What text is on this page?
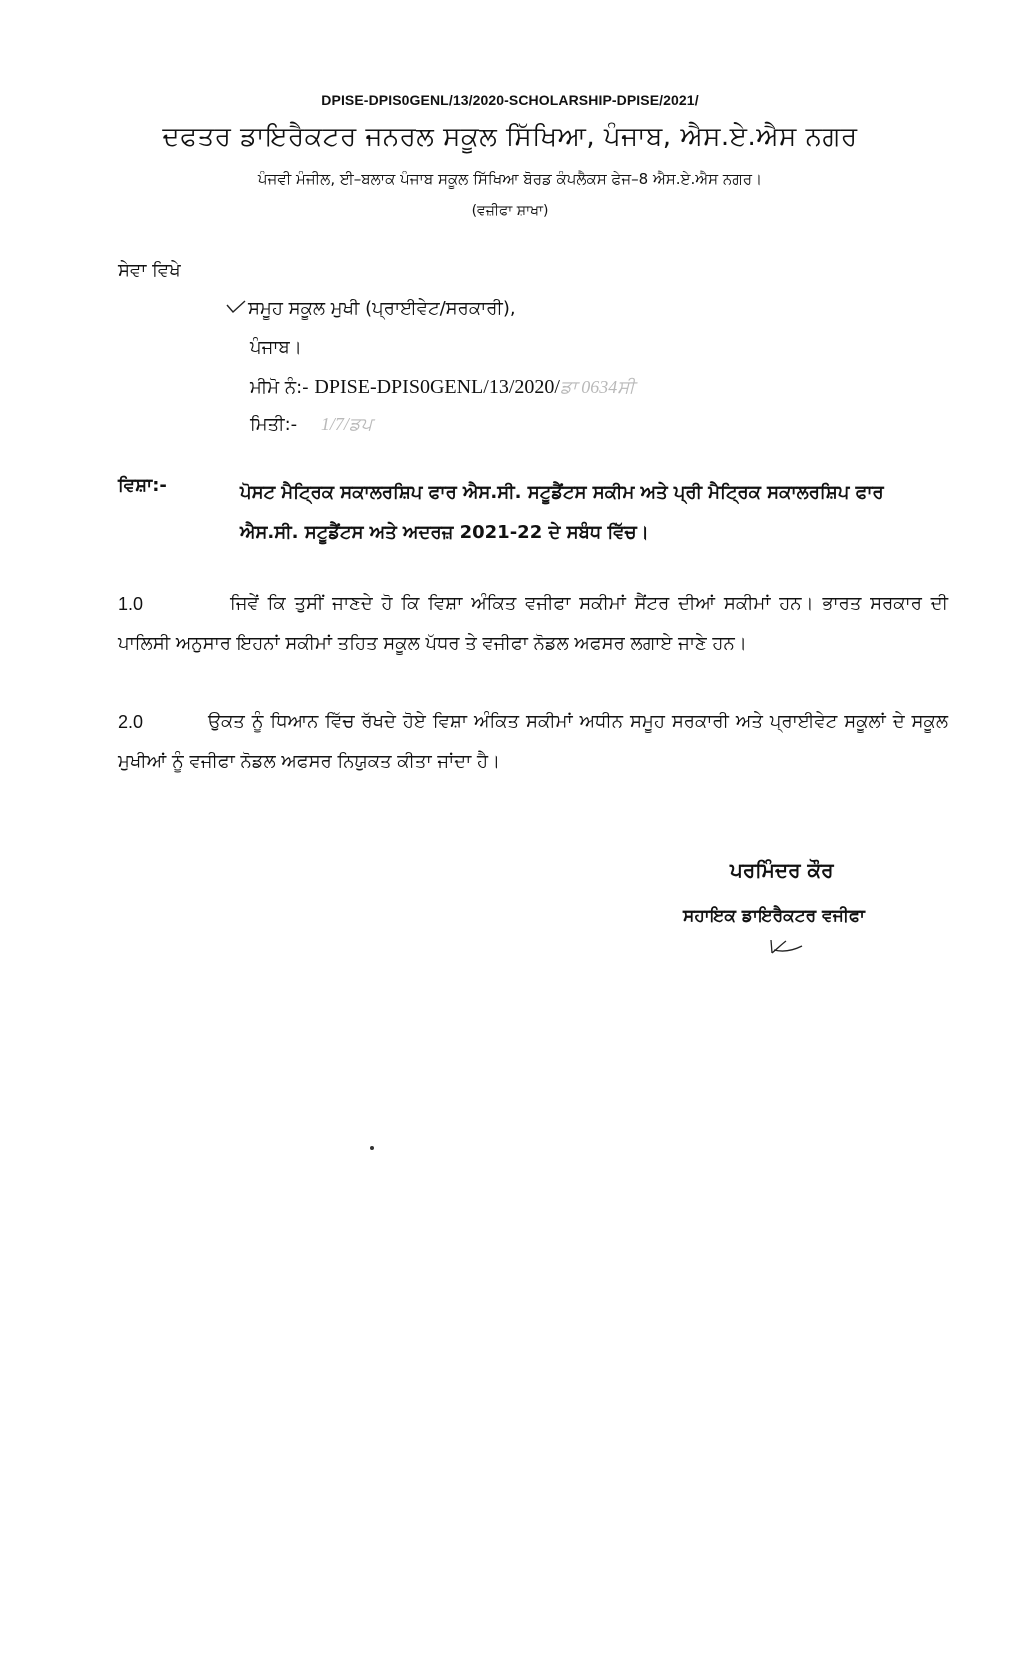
DPISE-DPIS0GENL/13/2020-SCHOLARSHIP-DPISE/2021/
ਦਫਤਰ ਡਾਇਰੈਕਟਰ ਜਨਰਲ ਸਕੂਲ ਸਿੱਖਿਆ, ਪੰਜਾਬ, ਐਸ.ਏ.ਐਸ ਨਗਰ
ਪੰਜਵੀ ਮੰਜੀਲ, ਈ–ਬਲਾਕ ਪੰਜਾਬ ਸਕੂਲ ਸਿੱਖਿਆ ਬੋਰਡ ਕੰਪਲੈਕਸ ਫੇਜ–8 ਐਸ.ਏ.ਐਸ ਨਗਰ।
(ਵਜ਼ੀਫਾ ਸ਼ਾਖਾ)
ਸੇਵਾ ਵਿਖੇ
ਸਮੂਹ ਸਕੂਲ ਮੁਖੀ (ਪ੍ਰਾਈਵੇਟ/ਸਰਕਾਰੀ),
ਪੰਜਾਬ।
ਮੀਮੋ ਨੰ:- DPISE-DPIS0GENL/13/2020/ਡਾ 0634ਸੀ
ਮਿਤੀ:- 1/7/ਡਪ
ਵਿਸ਼ਾ:-	ਪੋਸਟ ਮੈਟ੍ਰਿਕ ਸਕਾਲਰਸ਼ਿਪ ਫਾਰ ਐਸ.ਸੀ. ਸਟੂਡੈਂਟਸ ਸਕੀਮ ਅਤੇ ਪ੍ਰੀ ਮੈਟ੍ਰਿਕ ਸਕਾਲਰਸ਼ਿਪ ਫਾਰ ਐਸ.ਸੀ. ਸਟੂਡੈਂਟਸ ਅਤੇ ਅਦਰਜ਼ 2021-22 ਦੇ ਸਬੰਧ ਵਿੱਚ।
1.0	ਜਿਵੇਂ ਕਿ ਤੁਸੀਂ ਜਾਣਦੇ ਹੋ ਕਿ ਵਿਸ਼ਾ ਅੰਕਿਤ ਵਜੀਫਾ ਸਕੀਮਾਂ ਸੈਂਟਰ ਦੀਆਂ ਸਕੀਮਾਂ ਹਨ। ਭਾਰਤ ਸਰਕਾਰ ਦੀ ਪਾਲਿਸੀ ਅਨੁਸਾਰ ਇਹਨਾਂ ਸਕੀਮਾਂ ਤਹਿਤ ਸਕੂਲ ਪੱਧਰ ਤੇ ਵਜੀਫਾ ਨੋਡਲ ਅਫਸਰ ਲਗਾਏ ਜਾਣੇ ਹਨ।
2.0	ਉਕਤ ਨੂੰ ਧਿਆਨ ਵਿੱਚ ਰੱਖਦੇ ਹੋਏ ਵਿਸ਼ਾ ਅੰਕਿਤ ਸਕੀਮਾਂ ਅਧੀਨ ਸਮੂਹ ਸਰਕਾਰੀ ਅਤੇ ਪ੍ਰਾਈਵੇਟ ਸਕੂਲਾਂ ਦੇ ਸਕੂਲ ਮੁਖੀਆਂ ਨੂੰ ਵਜੀਫਾ ਨੋਡਲ ਅਫਸਰ ਨਿਯੁਕਤ ਕੀਤਾ ਜਾਂਦਾ ਹੈ।
ਪਰਮਿੰਦਰ ਕੌਰ
ਸਹਾਇਕ ਡਾਇਰੈਕਟਰ ਵਜੀਫਾ
